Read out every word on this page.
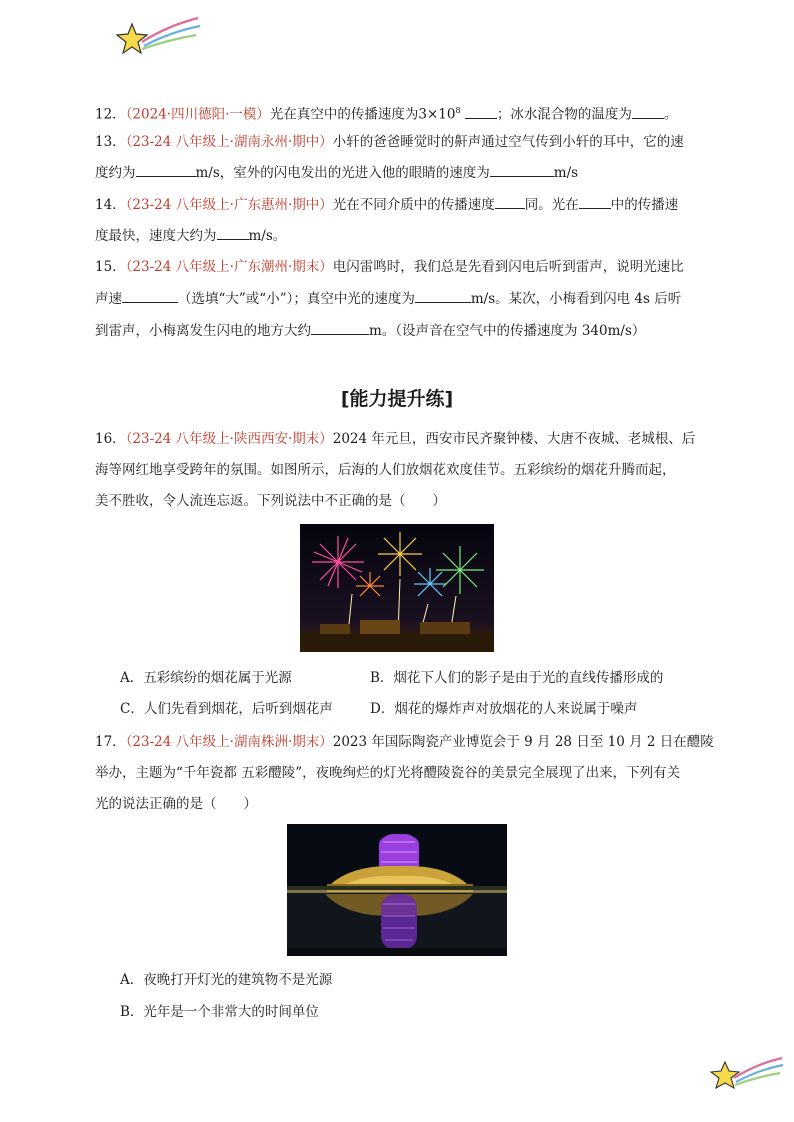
12．（2024·四川德阳·一模）光在真空中的传播速度为$3\times 10^8$	；冰水混合物的温度为 。
13．（23-24 八年级上·湖南永州·期中）小轩的爸爸睡觉时的鼾声通过空气传到小轩的耳中，它的速
度约为	m/s，室外的闪电发出的光进入他的眼睛的速度为	m/s
14．（23-24 八年级上·广东惠州·期中）光在不同介质中的传播速度 同。光在 中的传播速
度最快，速度大约为 m/s。
15．（23-24 八年级上·广东潮州·期末）电闪雷鸣时，我们总是先看到闪电后听到雷声，说明光速比
声速	（选填“大”或“小”）；真空中光的速度为	m/s。某次，小梅看到闪电 4s 后听
到雷声，小梅离发生闪电的地方大约	m。（设声音在空气中的传播速度为 340m/s）
[能力提升练]
16．（23-24 八年级上·陕西西安·期末）2024 年元旦，西安市民齐聚钟楼、大唐不夜城、老城根、后
海等网红地享受跨年的氛围。如图所示，后海的人们放烟花欢度佳节。五彩缤纷的烟花升腾而起，
美不胜收，令人流连忘返。下列说法中不正确的是（　　）
A．五彩缤纷的烟花属于光源	B．烟花下人们的影子是由于光的直线传播形成的
C．人们先看到烟花，后听到烟花声	D．烟花的爆炸声对放烟花的人来说属于噪声
17．（23-24 八年级上·湖南株洲·期末）2023 年国际陶瓷产业博览会于 9 月 28 日至 10 月 2 日在醴陵
举办，主题为“千年瓷都 五彩醴陵”，夜晚绚烂的灯光将醴陵瓷谷的美景完全展现了出来，下列有关
光的说法正确的是（　　）
A．夜晚打开灯光的建筑物不是光源
B．光年是一个非常大的时间单位
